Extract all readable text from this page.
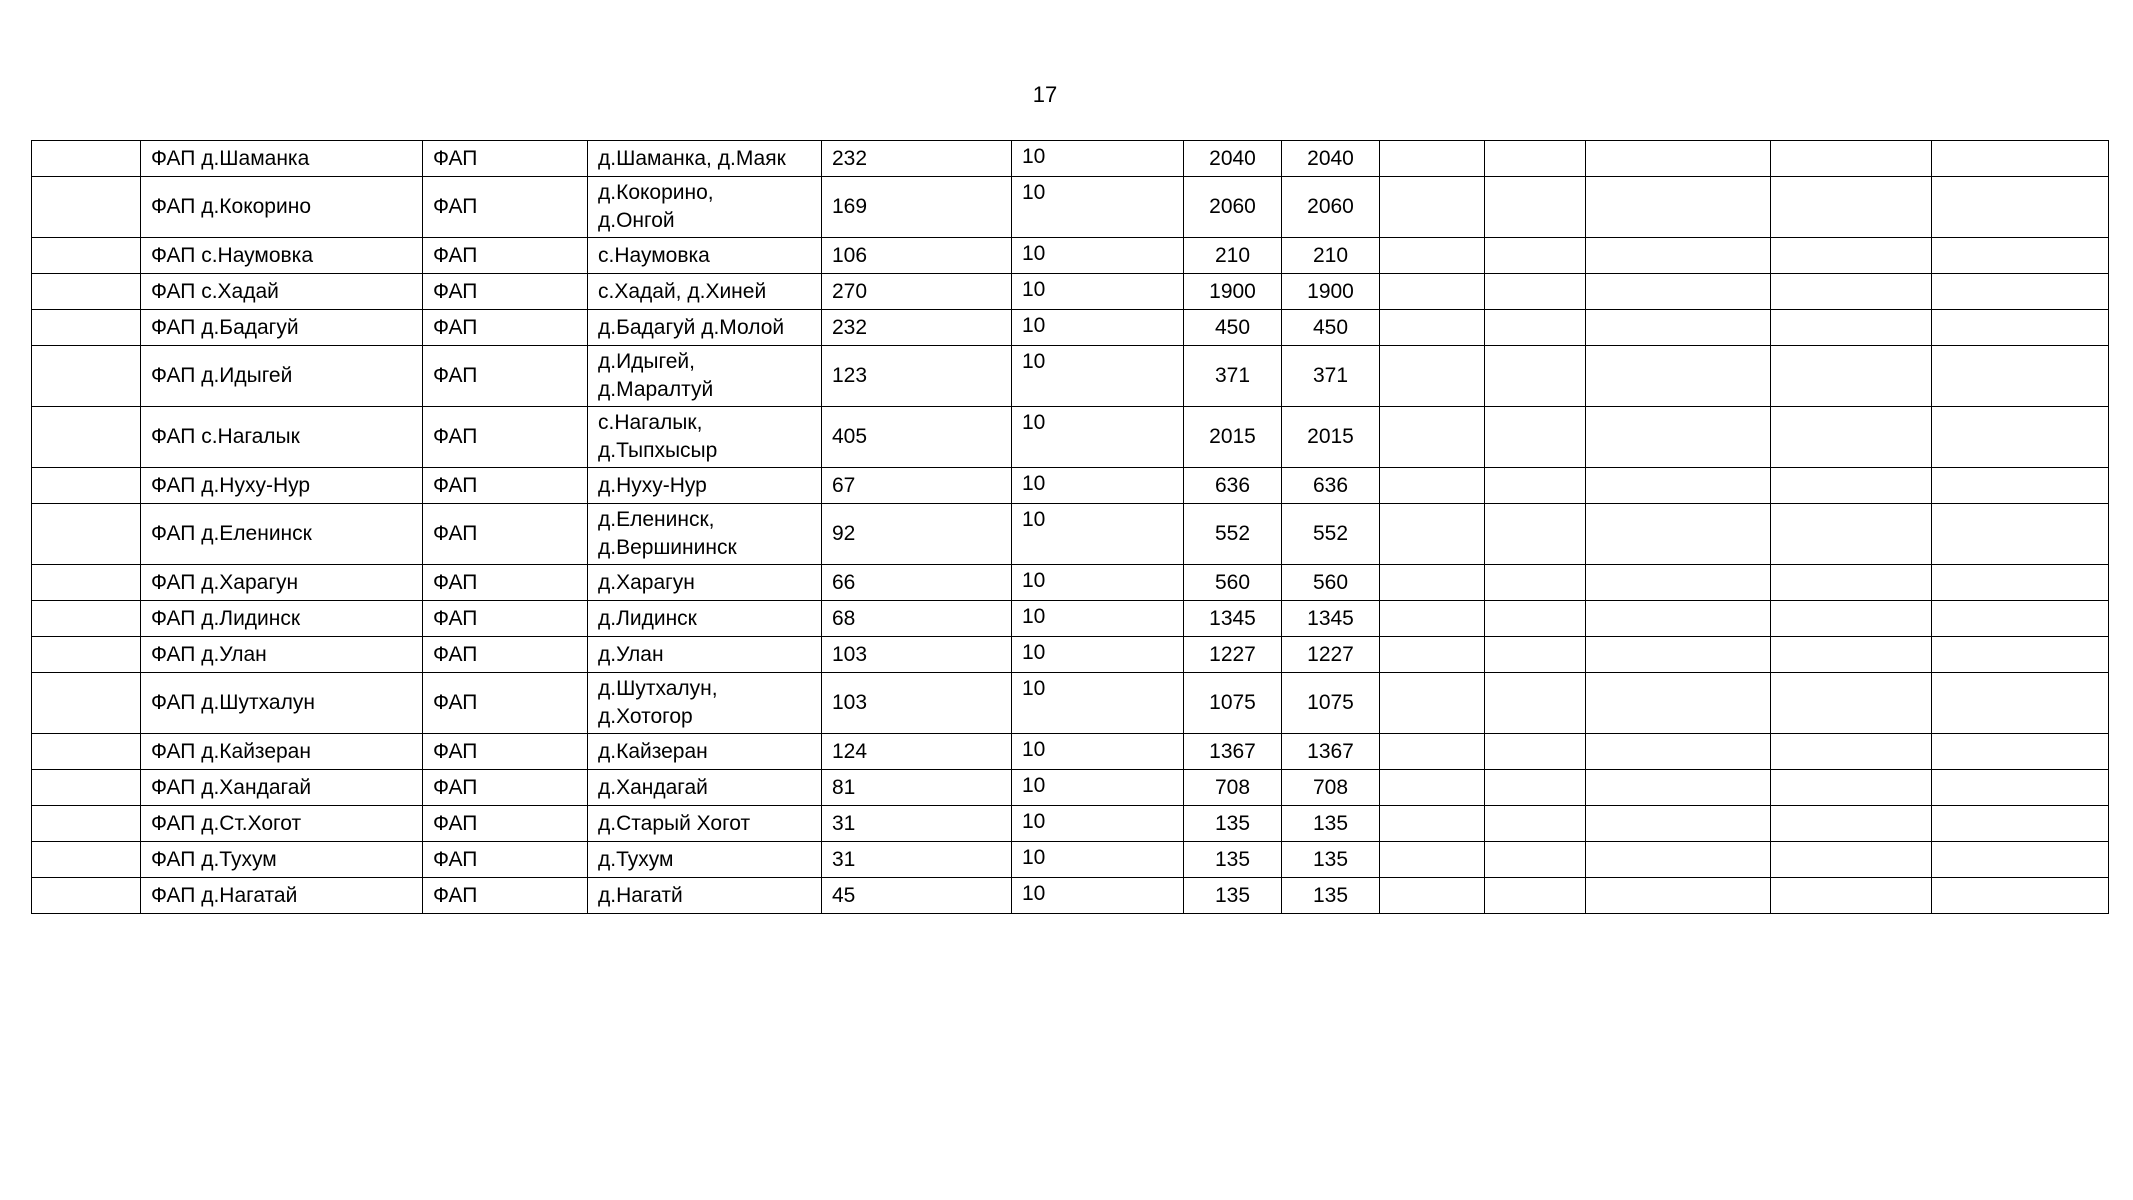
17
	ФАП д.Шаманка	ФАП	д.Шаманка, д.Маяк	232	10	2040	2040					
	ФАП д.Кокорино	ФАП	д.Кокорино,
д.Онгой	169	10	2060	2060					
	ФАП с.Наумовка	ФАП	с.Наумовка	106	10	210	210					
	ФАП с.Хадай	ФАП	с.Хадай, д.Хиней	270	10	1900	1900					
	ФАП д.Бадагуй	ФАП	д.Бадагуй д.Молой	232	10	450	450					
	ФАП д.Идыгей	ФАП	д.Идыгей,
д.Маралтуй	123	10	371	371					
	ФАП с.Нагалык	ФАП	с.Нагалык,
д.Тыпхысыр	405	10	2015	2015					
	ФАП д.Нуху-Нур	ФАП	д.Нуху-Нур	67	10	636	636					
	ФАП д.Еленинск	ФАП	д.Еленинск,
д.Вершининск	92	10	552	552					
	ФАП д.Харагун	ФАП	д.Харагун	66	10	560	560					
	ФАП д.Лидинск	ФАП	д.Лидинск	68	10	1345	1345					
	ФАП д.Улан	ФАП	д.Улан	103	10	1227	1227					
	ФАП д.Шутхалун	ФАП	д.Шутхалун,
д.Хотогор	103	10	1075	1075					
	ФАП д.Кайзеран	ФАП	д.Кайзеран	124	10	1367	1367					
	ФАП д.Хандагай	ФАП	д.Хандагай	81	10	708	708					
	ФАП д.Ст.Хогот	ФАП	д.Старый Хогот	31	10	135	135					
	ФАП д.Тухум	ФАП	д.Тухум	31	10	135	135					
	ФАП д.Нагатай	ФАП	д.Нагатй	45	10	135	135					
